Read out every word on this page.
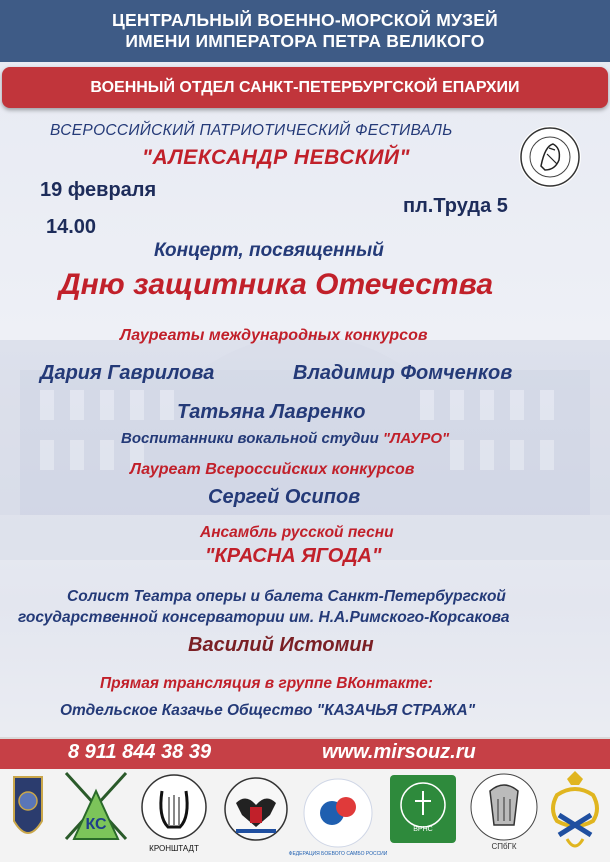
ЦЕНТРАЛЬНЫЙ ВОЕННО-МОРСКОЙ МУЗЕЙ
ИМЕНИ ИМПЕРАТОРА ПЕТРА ВЕЛИКОГО
ВОЕННЫЙ ОТДЕЛ САНКТ-ПЕТЕРБУРГСКОЙ ЕПАРХИИ
ВСЕРОССИЙСКИЙ ПАТРИОТИЧЕСКИЙ ФЕСТИВАЛЬ
"АЛЕКСАНДР НЕВСКИЙ"
19 февраля
14.00
пл.Труда 5
Концерт, посвященный
Дню защитника Отечества
Лауреаты международных конкурсов
Дария Гаврилова	Владимир Фомченков
Татьяна Лавренко
Воспитанники вокальной студии "ЛАУРО"
Лауреат Всероссийских конкурсов
Сергей Осипов
Ансамбль русской песни
"КРАСНА ЯГОДА"
Солист Театра оперы и балета Санкт-Петербургской
государственной консерватории им. Н.А.Римского-Корсакова
Василий Истомин
Прямая трансляция в группе ВКонтакте:
Отдельское Казачье Общество "КАЗАЧЬЯ СТРАЖА"
8 911 844 38 39	www.mirsouz.ru
КС
КРОНШТАДТ
ФЕДЕРАЦИЯ БОЕВОГО САМБО РОССИИ
ВРНС
СПбГК
